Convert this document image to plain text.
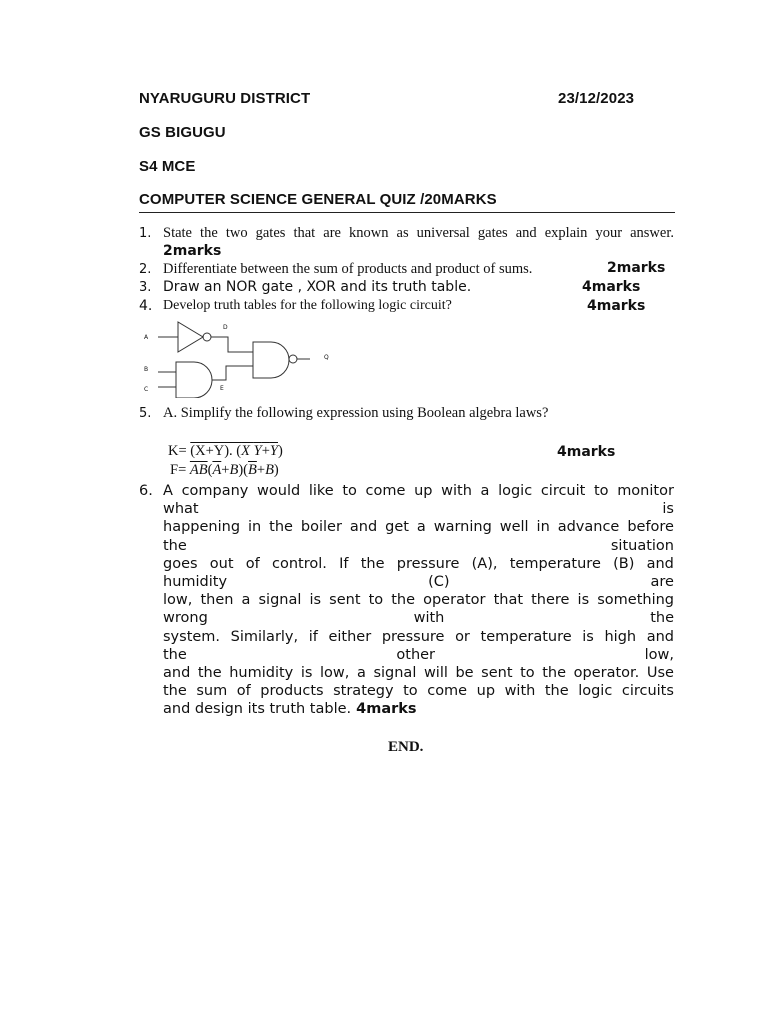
NYARUGURU DISTRICT	23/12/2023
GS BIGUGU
S4 MCE
COMPUTER SCIENCE GENERAL QUIZ /20MARKS
1. State the two gates that are known as universal gates and explain your answer.
2marks
2. Differentiate between the sum of products and product of sums.	2marks
3. Draw an NOR gate , XOR and its truth table.	4marks
4. Develop truth tables for the following logic circuit?	4marks
A
B
C
D
E
Q
5. A. Simplify the following expression using Boolean algebra laws?
K= (X+Y). (X Y+Y)	4marks
$F= \overline{AB}(\overline{A}+B)(\overline{B}+B)$
6. A company would like to come up with a logic circuit to monitor
what	is
happening in the boiler and get a warning well in advance before
the	situation
goes out of control. If the pressure (A), temperature (B) and
humidity	(C)	are
low, then a signal is sent to the operator that there is something
wrong	with	the
system. Similarly, if either pressure or temperature is high and
the	other	low,
and the humidity is low, a signal will be sent to the operator. Use
the sum of products strategy to come up with the logic circuits
and design its truth table. 4marks
END.
